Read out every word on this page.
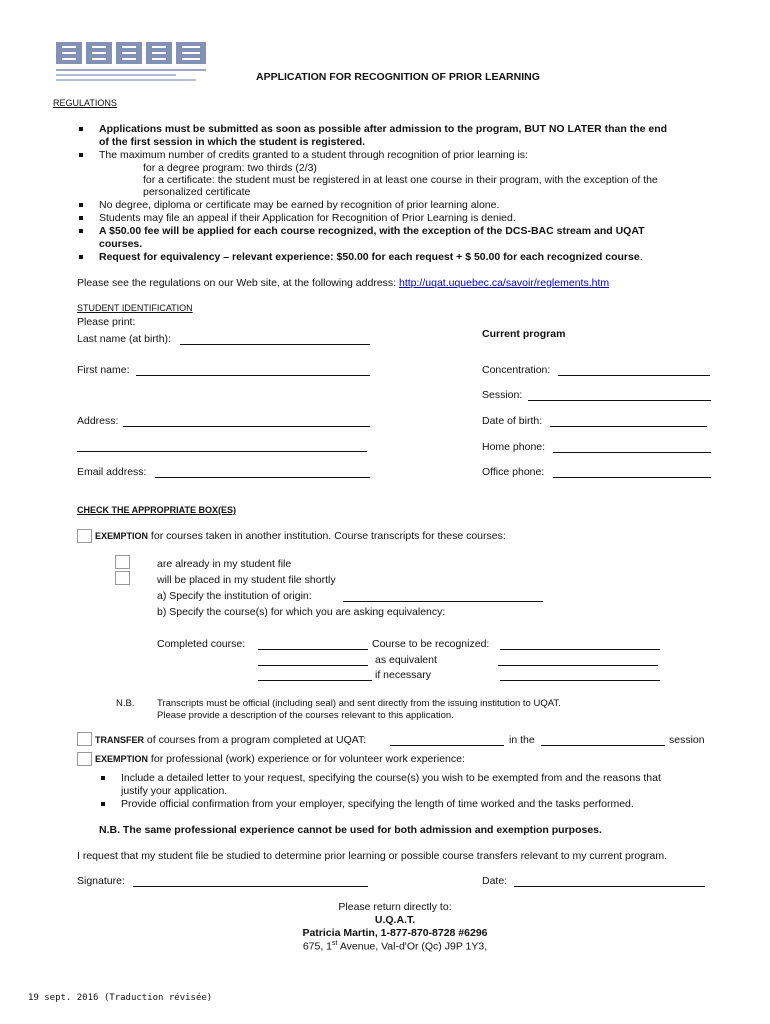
APPLICATION FOR RECOGNITION OF PRIOR LEARNING
REGULATIONS
Applications must be submitted as soon as possible after admission to the program, BUT NO LATER than the end
of the first session in which the student is registered.
The maximum number of credits granted to a student through recognition of prior learning is:
for a degree program: two thirds (2/3)
for a certificate: the student must be registered in at least one course in their program, with the exception of the
personalized certificate
No degree, diploma or certificate may be earned by recognition of prior learning alone.
Students may file an appeal if their Application for Recognition of Prior Learning is denied.
A $50.00 fee will be applied for each course recognized, with the exception of the DCS-BAC stream and UQAT
courses.
Request for equivalency – relevant experience: $50.00 for each request + $ 50.00 for each recognized course.
Please see the regulations on our Web site, at the following address: http://uqat.uquebec.ca/savoir/reglements.htm
STUDENT IDENTIFICATION
Please print:
Last name (at birth):	Current program
First name:	Concentration:
Session:
Address:	Date of birth:
Home phone:
Email address:	Office phone:
CHECK THE APPROPRIATE BOX(ES)
EXEMPTION for courses taken in another institution. Course transcripts for these courses:
are already in my student file
will be placed in my student file shortly
a) Specify the institution of origin:
b) Specify the course(s) for which you are asking equivalency:
Completed course:	Course to be recognized:
as equivalent
if necessary
N.B. Transcripts must be official (including seal) and sent directly from the issuing institution to UQAT.
Please provide a description of the courses relevant to this application.
TRANSFER of courses from a program completed at UQAT:	in the	session
EXEMPTION for professional (work) experience or for volunteer work experience:
Include a detailed letter to your request, specifying the course(s) you wish to be exempted from and the reasons that
justify your application.
Provide official confirmation from your employer, specifying the length of time worked and the tasks performed.
N.B. The same professional experience cannot be used for both admission and exemption purposes.
I request that my student file be studied to determine prior learning or possible course transfers relevant to my current program.
Signature:	Date:
Please return directly to:
U.Q.A.T.
Patricia Martin, 1-877-870-8728 #6296
675, 1st Avenue, Val-d'Or (Qc) J9P 1Y3,
19 sept. 2016 (Traduction révisée)
